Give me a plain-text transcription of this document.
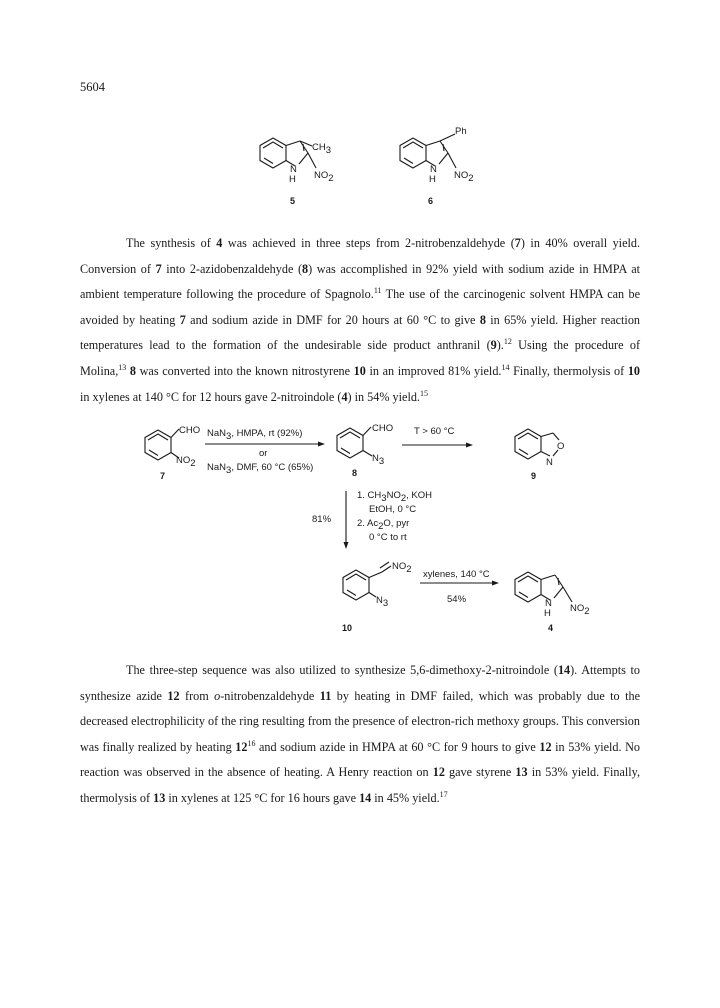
5604
CH3
N
H NO2
5
Ph
N
H NO2
6

The synthesis of 4 was achieved in three steps from 2-nitrobenzaldehyde (7) in 40% overall yield. Conversion of 7 into 2-azidobenzaldehyde (8) was accomplished in 92% yield with sodium azide in HMPA at ambient temperature following the procedure of Spagnolo.$^{11}$ The use of the carcinogenic solvent HMPA can be avoided by heating 7 and sodium azide in DMF for 20 hours at 60 °C to give 8 in 65% yield. Higher reaction temperatures lead to the formation of the undesirable side product anthranil (9).$^{12}$ Using the procedure of Molina,$^{13}$ 8 was converted into the known nitrostyrene 10 in an improved 81% yield.$^{14}$ Finally, thermolysis of 10 in xylenes at 140 °C for 12 hours gave 2-nitroindole (4) in 54% yield.$^{15}$

CHO
NO2
7
NaN3, HMPA, rt (92%)
or
NaN3, DMF, 60 °C (65%)
CHO
N3
8
T > 60 °C
O
N
9
81%
1. CH3NO2, KOH
EtOH, 0 °C
2. Ac2O, pyr
0 °C to rt
NO2
N3
10
xylenes, 140 °C
54%	N
H NO2
4

The three-step sequence was also utilized to synthesize 5,6-dimethoxy-2-nitroindole (14). Attempts to synthesize azide 12 from o-nitrobenzaldehyde 11 by heating in DMF failed, which was probably due to the decreased electrophilicity of the ring resulting from the presence of electron-rich methoxy groups. This conversion was finally realized by heating $12^{16}$ and sodium azide in HMPA at 60 °C for 9 hours to give 12 in 53% yield. No reaction was observed in the absence of heating. A Henry reaction on 12 gave styrene 13 in 53% yield. Finally, thermolysis of 13 in xylenes at 125 °C for 16 hours gave 14 in 45% yield.$^{17}$
